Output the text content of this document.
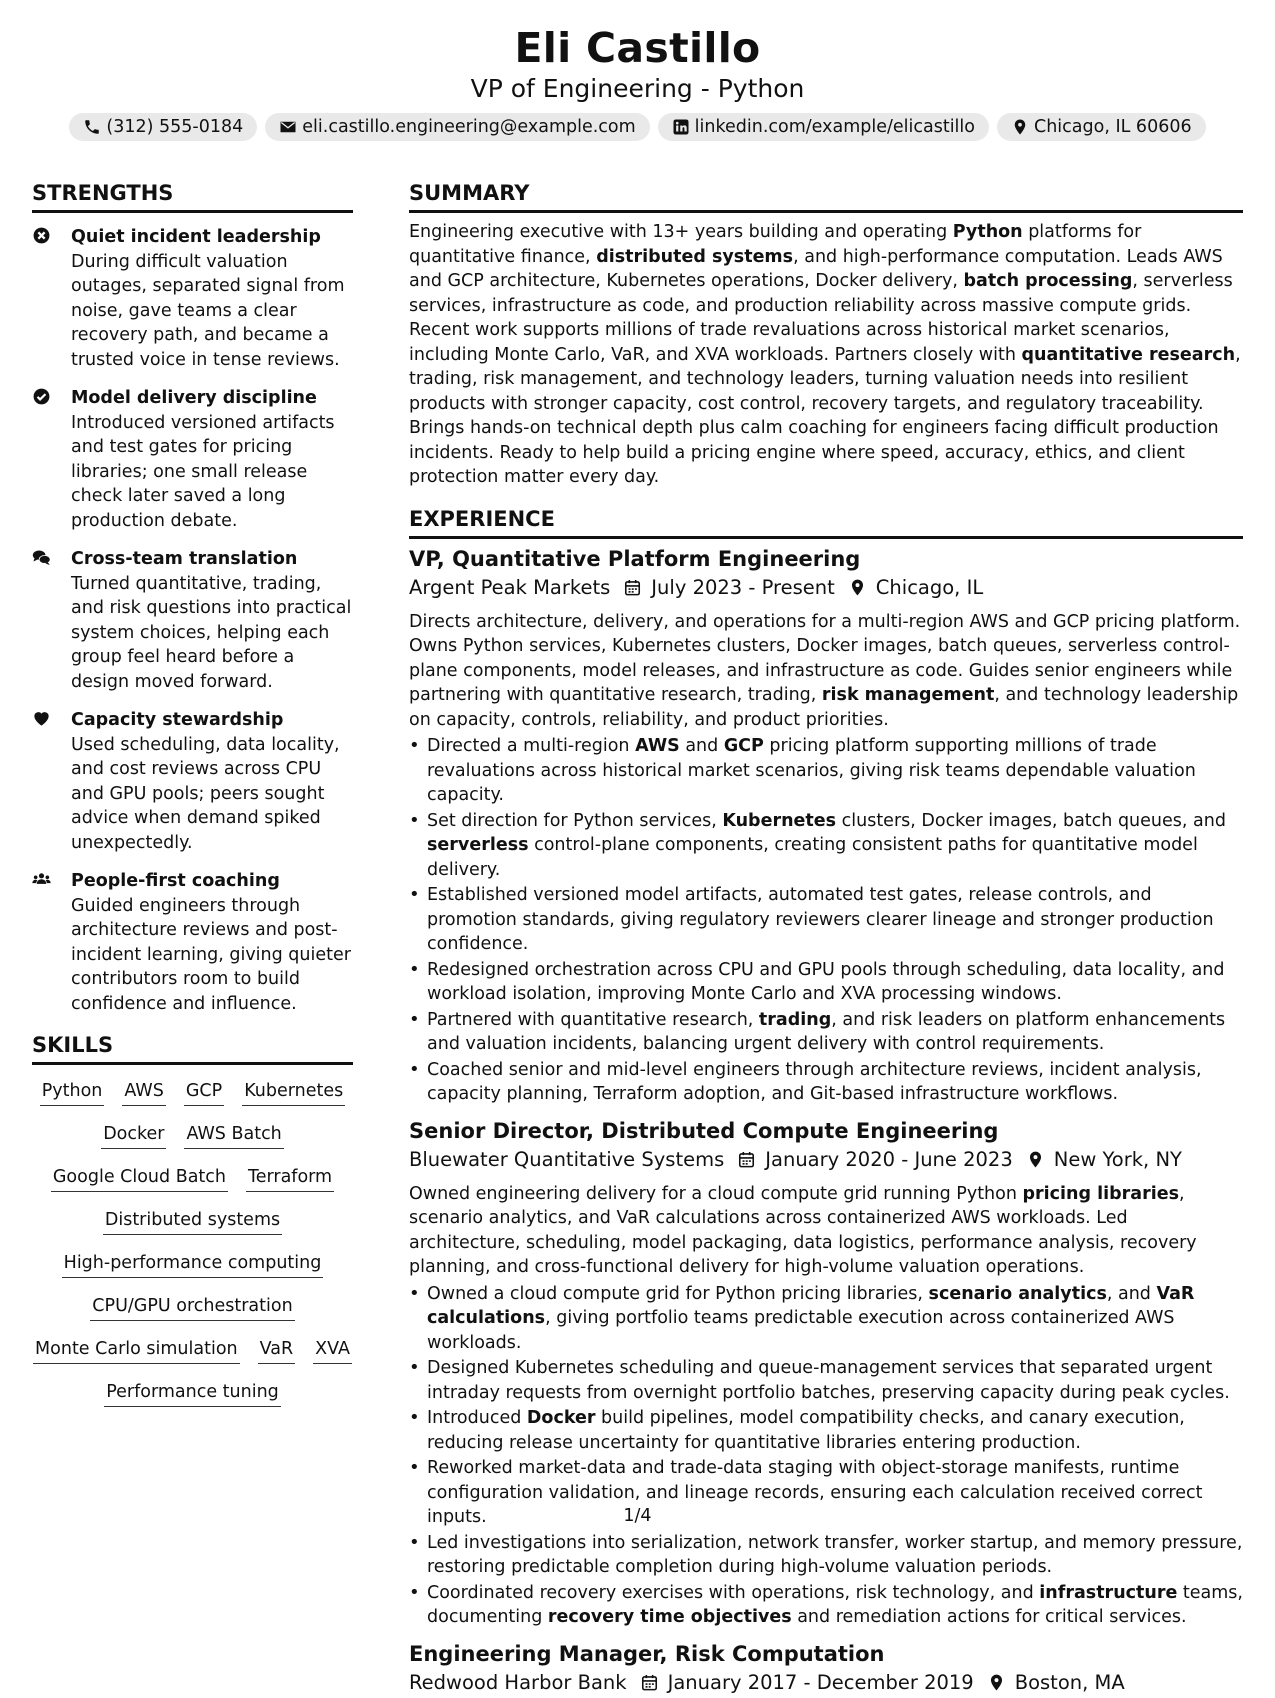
Eli Castillo
VP of Engineering - Python
(312) 555-0184	eli.castillo.engineering@example.com	linkedin.com/example/elicastillo	Chicago, IL 60606
STRENGTHS
Quiet incident leadership
During difficult valuation outages, separated signal from noise, gave teams a clear recovery path, and became a trusted voice in tense reviews.
Model delivery discipline
Introduced versioned artifacts and test gates for pricing libraries; one small release check later saved a long production debate.
Cross-team translation
Turned quantitative, trading, and risk questions into practical system choices, helping each group feel heard before a design moved forward.
Capacity stewardship
Used scheduling, data locality, and cost reviews across CPU and GPU pools; peers sought advice when demand spiked unexpectedly.
People-first coaching
Guided engineers through architecture reviews and post-incident learning, giving quieter contributors room to build confidence and influence.
SKILLS
Python AWS GCP Kubernetes
Docker AWS Batch
Google Cloud Batch Terraform
Distributed systems
High-performance computing
CPU/GPU orchestration
Monte Carlo simulation VaR XVA
Performance tuning
SUMMARY
Engineering executive with 13+ years building and operating Python platforms for quantitative finance, distributed systems, and high-performance computation. Leads AWS and GCP architecture, Kubernetes operations, Docker delivery, batch processing, serverless services, infrastructure as code, and production reliability across massive compute grids. Recent work supports millions of trade revaluations across historical market scenarios, including Monte Carlo, VaR, and XVA workloads. Partners closely with quantitative research, trading, risk management, and technology leaders, turning valuation needs into resilient products with stronger capacity, cost control, recovery targets, and regulatory traceability. Brings hands-on technical depth plus calm coaching for engineers facing difficult production incidents. Ready to help build a pricing engine where speed, accuracy, ethics, and client protection matter every day.
EXPERIENCE
VP, Quantitative Platform Engineering
Argent Peak Markets July 2023 - Present Chicago, IL
Directs architecture, delivery, and operations for a multi-region AWS and GCP pricing platform. Owns Python services, Kubernetes clusters, Docker images, batch queues, serverless control-plane components, model releases, and infrastructure as code. Guides senior engineers while partnering with quantitative research, trading, risk management, and technology leadership on capacity, controls, reliability, and product priorities.
• Directed a multi-region AWS and GCP pricing platform supporting millions of trade revaluations across historical market scenarios, giving risk teams dependable valuation capacity.
• Set direction for Python services, Kubernetes clusters, Docker images, batch queues, and serverless control-plane components, creating consistent paths for quantitative model delivery.
• Established versioned model artifacts, automated test gates, release controls, and promotion standards, giving regulatory reviewers clearer lineage and stronger production confidence.
• Redesigned orchestration across CPU and GPU pools through scheduling, data locality, and workload isolation, improving Monte Carlo and XVA processing windows.
• Partnered with quantitative research, trading, and risk leaders on platform enhancements and valuation incidents, balancing urgent delivery with control requirements.
• Coached senior and mid-level engineers through architecture reviews, incident analysis, capacity planning, Terraform adoption, and Git-based infrastructure workflows.
Senior Director, Distributed Compute Engineering
Bluewater Quantitative Systems January 2020 - June 2023 New York, NY
Owned engineering delivery for a cloud compute grid running Python pricing libraries, scenario analytics, and VaR calculations across containerized AWS workloads. Led architecture, scheduling, model packaging, data logistics, performance analysis, recovery planning, and cross-functional delivery for high-volume valuation operations.
• Owned a cloud compute grid for Python pricing libraries, scenario analytics, and VaR calculations, giving portfolio teams predictable execution across containerized AWS workloads.
• Designed Kubernetes scheduling and queue-management services that separated urgent intraday requests from overnight portfolio batches, preserving capacity during peak cycles.
• Introduced Docker build pipelines, model compatibility checks, and canary execution, reducing release uncertainty for quantitative libraries entering production.
• Reworked market-data and trade-data staging with object-storage manifests, runtime configuration validation, and lineage records, ensuring each calculation received correct inputs.
• Led investigations into serialization, network transfer, worker startup, and memory pressure, restoring predictable completion during high-volume valuation periods.
• Coordinated recovery exercises with operations, risk technology, and infrastructure teams, documenting recovery time objectives and remediation actions for critical services.
Engineering Manager, Risk Computation
Redwood Harbor Bank January 2017 - December 2019 Boston, MA
1/4
